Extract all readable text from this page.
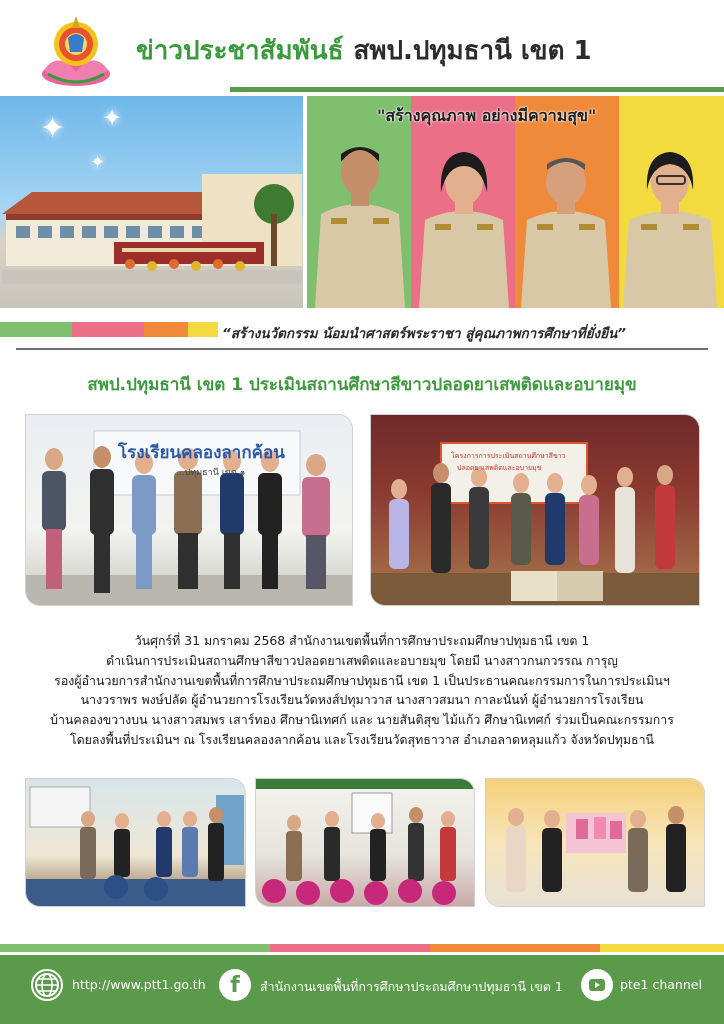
ข่าวประชาสัมพันธ์ สพป.ปทุมธานี เขต 1
✦ ✦
✦
"สร้างคุณภาพ อย่างมีความสุข"
“สร้างนวัตกรรม น้อมนำศาสตร์พระราชา สู่คุณภาพการศึกษาที่ยั่งยืน”
สพป.ปทุมธานี เขต 1 ประเมินสถานศึกษาสีขาวปลอดยาเสพติดและอบายมุข
โรงเรียนคลองลากค้อน
...ปทุมธานี เขต ๑
โครงการการประเมินสถานศึกษาสีขาว
ปลอดยาเสพติดและอบายมุข
วันศุกร์ที่ 31 มกราคม 2568 สำนักงานเขตพื้นที่การศึกษาประถมศึกษาปทุมธานี เขต 1
ดำเนินการประเมินสถานศึกษาสีขาวปลอดยาเสพติดและอบายมุข โดยมี นางสาวกนกวรรณ การุญ
รองผู้อำนวยการสำนักงานเขตพื้นที่การศึกษาประถมศึกษาปทุมธานี เขต 1 เป็นประธานคณะกรรมการในการประเมินฯ
นางวราพร พงษ์ปลัด ผู้อำนวยการโรงเรียนวัดหงส์ปทุมาวาส นางสาวสมนา กาละนันท์ ผู้อำนวยการโรงเรียน
บ้านคลองขวางบน นางสาวสมพร เสาร์ทอง ศึกษานิเทศก์ และ นายสันติสุข ไม้แก้ว ศึกษานิเทศก์ ร่วมเป็นคณะกรรมการ
โดยลงพื้นที่ประเมินฯ ณ โรงเรียนคลองลากค้อน และโรงเรียนวัดสุทธาวาส อำเภอลาดหลุมแก้ว จังหวัดปทุมธานี
http://www.ptt1.go.th	f	สำนักงานเขตพื้นที่การศึกษาประถมศึกษาปทุมธานี เขต 1	pte1 channel
